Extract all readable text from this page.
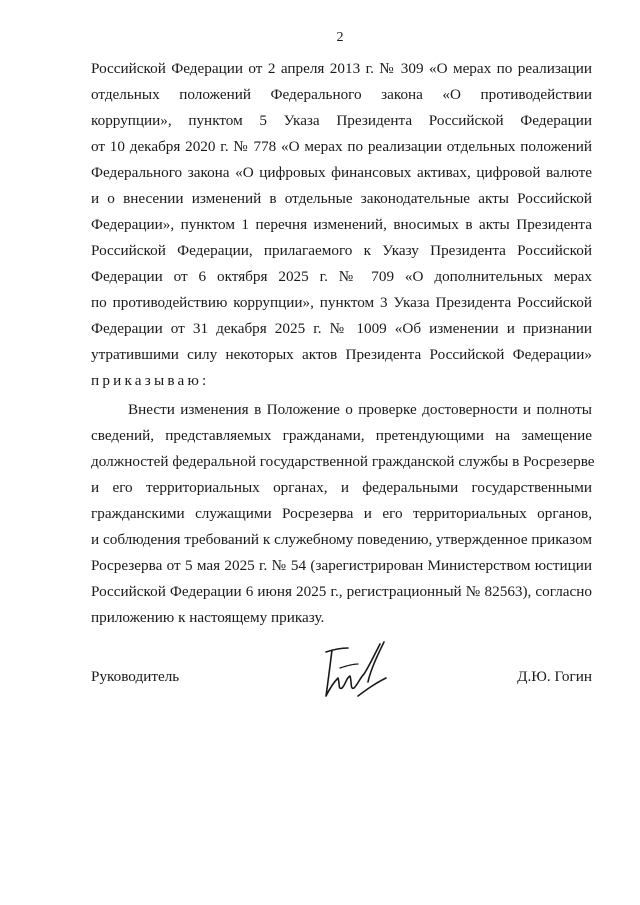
2
Российской Федерации от 2 апреля 2013 г. № 309 «О мерах по реализации
отдельных положений Федерального закона «О противодействии
коррупции», пунктом 5 Указа Президента Российской Федерации
от 10 декабря 2020 г. № 778 «О мерах по реализации отдельных положений
Федерального закона «О цифровых финансовых активах, цифровой валюте
и о внесении изменений в отдельные законодательные акты Российской
Федерации», пунктом 1 перечня изменений, вносимых в акты Президента
Российской Федерации, прилагаемого к Указу Президента Российской
Федерации от 6 октября 2025 г. № 709 «О дополнительных мерах
по противодействию коррупции», пунктом 3 Указа Президента Российской
Федерации от 31 декабря 2025 г. № 1009 «Об изменении и признании
утратившими силу некоторых актов Президента Российской Федерации»
приказываю:
Внести изменения в Положение о проверке достоверности и полноты
сведений, представляемых гражданами, претендующими на замещение
должностей федеральной государственной гражданской службы в Росрезерве
и его территориальных органах, и федеральными государственными
гражданскими служащими Росрезерва и его территориальных органов,
и соблюдения требований к служебному поведению, утвержденное приказом
Росрезерва от 5 мая 2025 г. № 54 (зарегистрирован Министерством юстиции
Российской Федерации 6 июня 2025 г., регистрационный № 82563), согласно
приложению к настоящему приказу.
Руководитель	Д.Ю. Гогин
